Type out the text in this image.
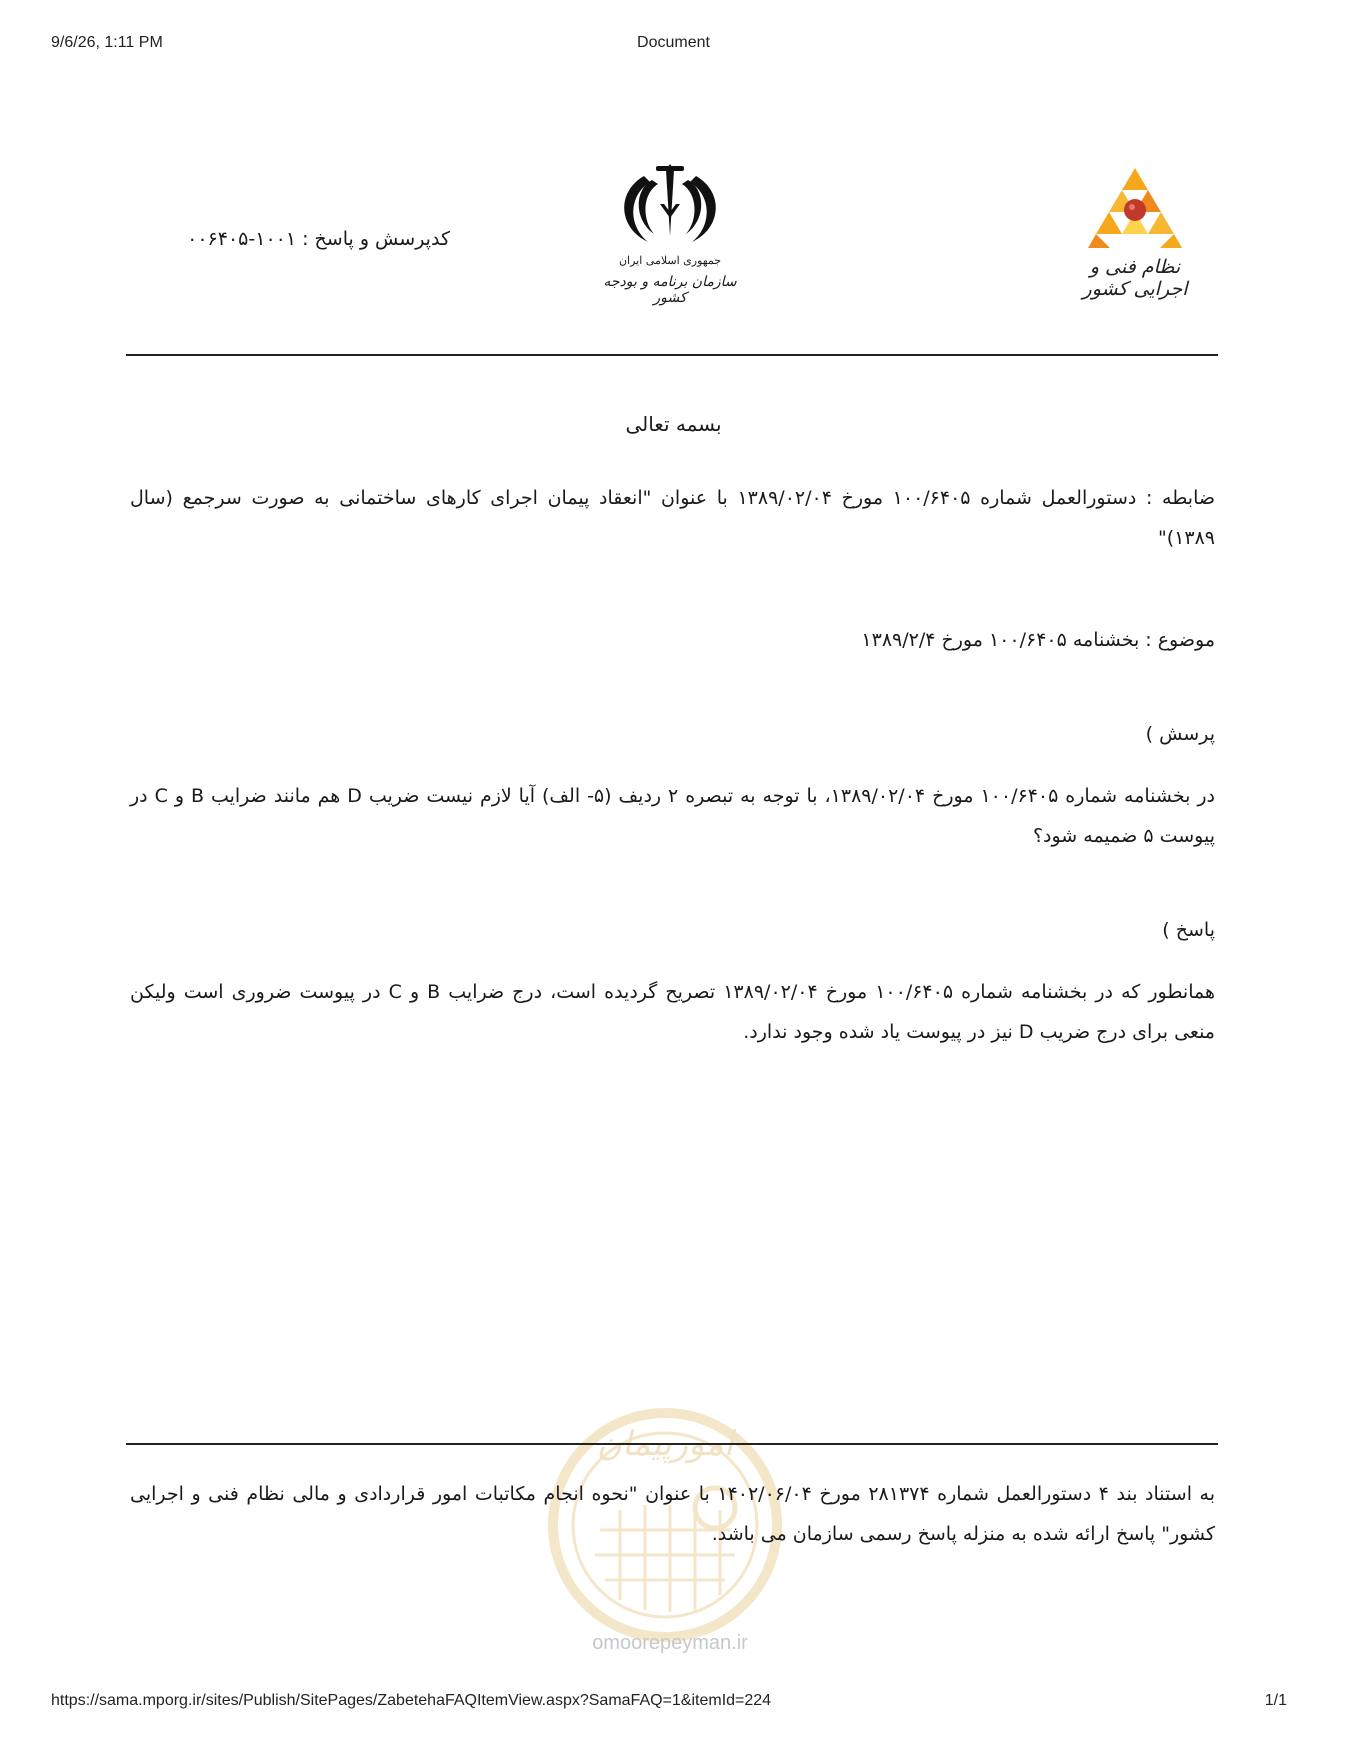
9/6/26, 1:11 PM	Document
نظام فنی و اجرایی کشور
جمهوری اسلامی ایران
سازمان برنامه و بودجه کشور
کدپرسش و پاسخ : ۱۰۰۱-۰۰۶۴۰۵
بسمه تعالی
ضابطه : دستورالعمل شماره ۱۰۰/۶۴۰۵ مورخ ۱۳۸۹/۰۲/۰۴ با عنوان "انعقاد پیمان اجرای کارهای ساختمانی به صورت سرجمع (سال ۱۳۸۹)"
موضوع : بخشنامه ۱۰۰/۶۴۰۵ مورخ ۱۳۸۹/۲/۴
پرسش )
در بخشنامه شماره ۱۰۰/۶۴۰۵ مورخ ۱۳۸۹/۰۲/۰۴، با توجه به تبصره ۲ ردیف (۵- الف) آیا لازم نیست ضریب D هم مانند ضرایب B و C در پیوست ۵ ضمیمه شود؟
پاسخ )
همانطور که در بخشنامه شماره ۱۰۰/۶۴۰۵ مورخ ۱۳۸۹/۰۲/۰۴ تصریح گردیده است، درج ضرایب B و C در پیوست ضروری است ولیکن منعی برای درج ضریب D نیز در پیوست یاد شده وجود ندارد.
امورپیمان
omoorepeyman.ir
به استناد بند ۴ دستورالعمل شماره ۲۸۱۳۷۴ مورخ ۱۴۰۲/۰۶/۰۴ با عنوان "نحوه انجام مکاتبات امور قراردادی و مالی نظام فنی و اجرایی کشور" پاسخ ارائه شده به منزله پاسخ رسمی سازمان می باشد.
https://sama.mporg.ir/sites/Publish/SitePages/ZabetehaFAQItemView.aspx?SamaFAQ=1&itemId=224	1/1
